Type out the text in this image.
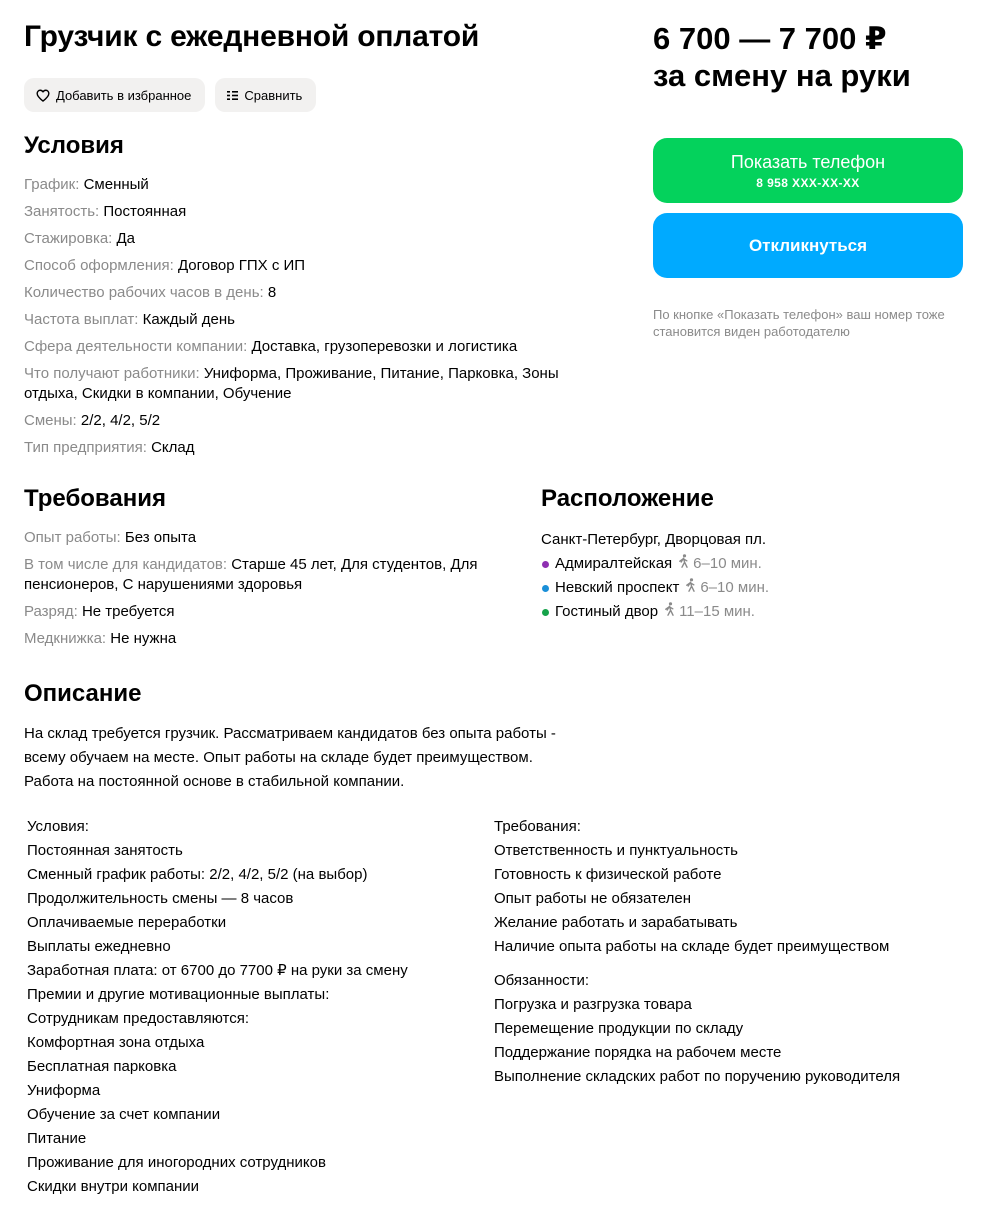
Грузчик с ежедневной оплатой
Добавить в избранное	Сравнить
6 700 — 7 700 ₽
за смену на руки
Показать телефон
8 958 ХХХ-ХХ-ХХ
Откликнуться
По кнопке «Показать телефон» ваш номер тоже становится виден работодателю
Условия
График: Сменный
Занятость: Постоянная
Стажировка: Да
Способ оформления: Договор ГПХ с ИП
Количество рабочих часов в день: 8
Частота выплат: Каждый день
Сфера деятельности компании: Доставка, грузоперевозки и логистика
Что получают работники: Униформа, Проживание, Питание, Парковка, Зоны отдыха, Скидки в компании, Обучение
Смены: 2/2, 4/2, 5/2
Тип предприятия: Склад
Требования
Опыт работы: Без опыта
В том числе для кандидатов: Старше 45 лет, Для студентов, Для пенсионеров, С нарушениями здоровья
Разряд: Не требуется
Медкнижка: Не нужна
Расположение
Санкт-Петербург, Дворцовая пл.
Адмиралтейская 6–10 мин.
Невский проспект 6–10 мин.
Гостиный двор 11–15 мин.
Описание
На склад требуется грузчик. Рассматриваем кандидатов без опыта работы -
всему обучаем на месте. Опыт работы на складе будет преимуществом.
Работа на постоянной основе в стабильной компании.
Условия:
Постоянная занятость
Сменный график работы: 2/2, 4/2, 5/2 (на выбор)
Продолжительность смены — 8 часов
Оплачиваемые переработки
Выплаты ежедневно
Заработная плата: от 6700 до 7700 ₽ на руки за смену
Премии и другие мотивационные выплаты:
Сотрудникам предоставляются:
Комфортная зона отдыха
Бесплатная парковка
Униформа
Обучение за счет компании
Питание
Проживание для иногородних сотрудников
Скидки внутри компании
Требования:
Ответственность и пунктуальность
Готовность к физической работе
Опыт работы не обязателен
Желание работать и зарабатывать
Наличие опыта работы на складе будет преимуществом
Обязанности:
Погрузка и разгрузка товара
Перемещение продукции по складу
Поддержание порядка на рабочем месте
Выполнение складских работ по поручению руководителя
